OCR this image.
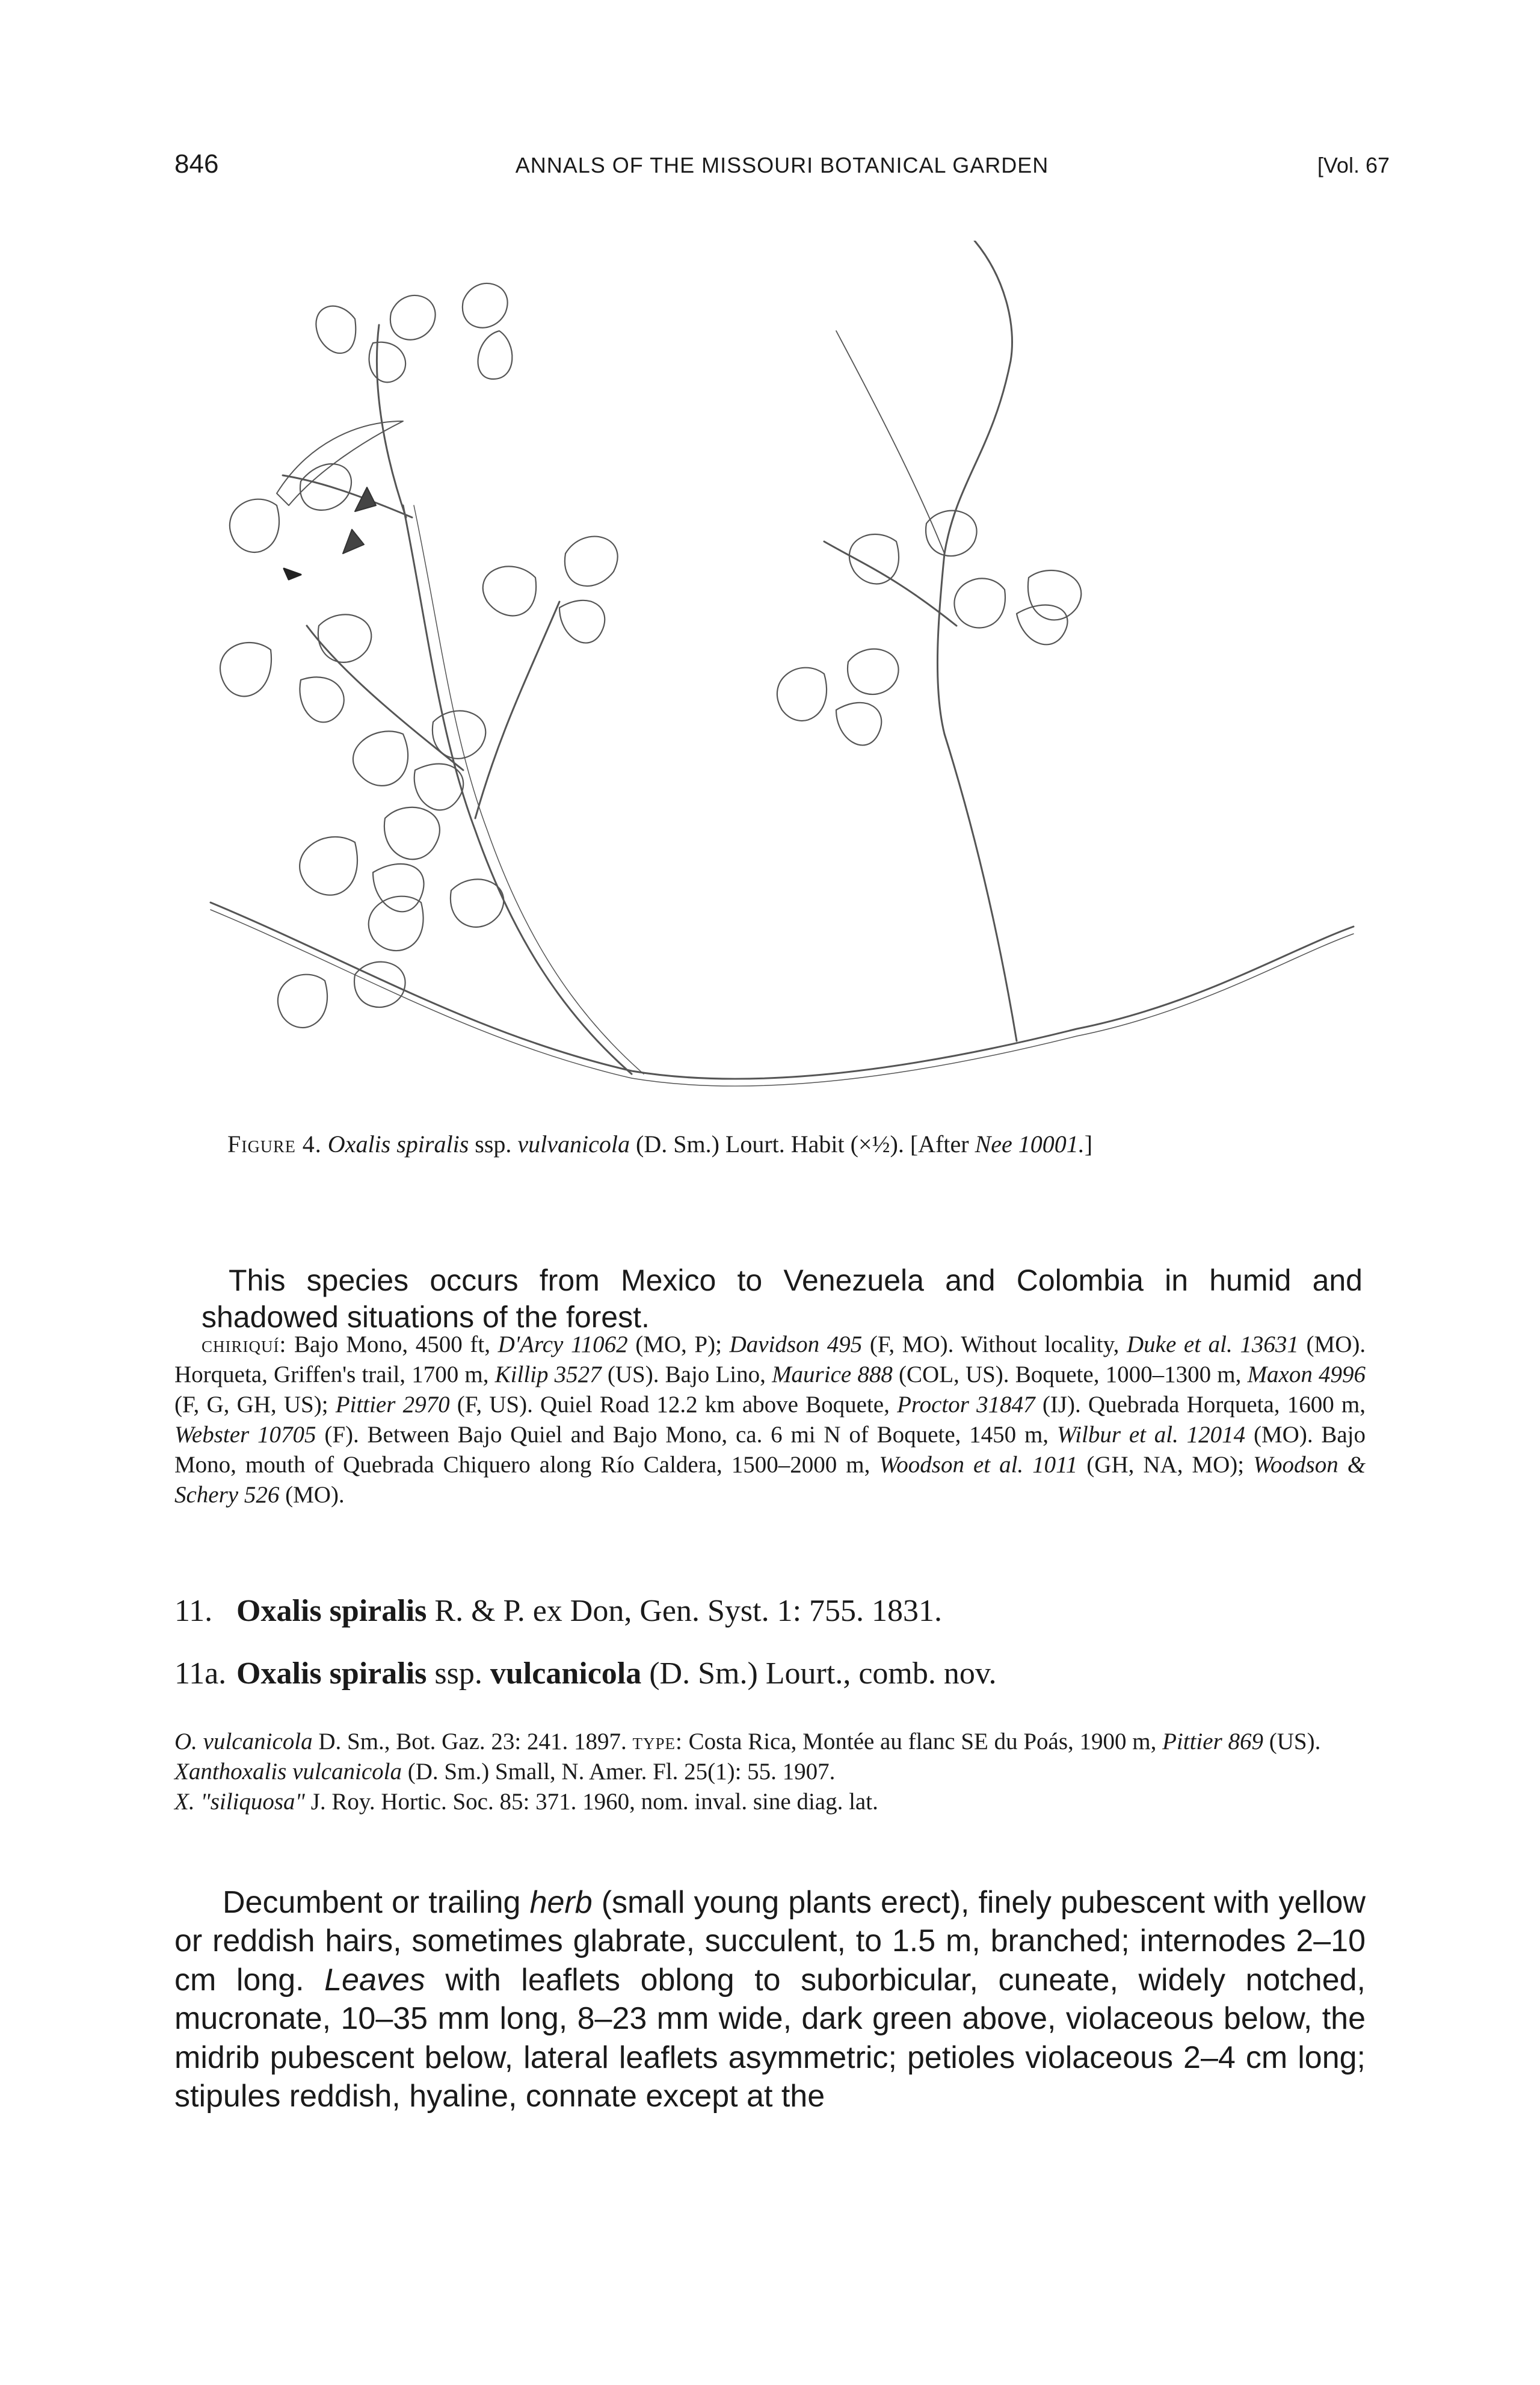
846	ANNALS OF THE MISSOURI BOTANICAL GARDEN	[Vol. 67
Figure 4. Oxalis spiralis ssp. vulvanicola (D. Sm.) Lourt. Habit (×½). [After Nee 10001.]

This species occurs from Mexico to Venezuela and Colombia in humid and shadowed situations of the forest.

chiriquí: Bajo Mono, 4500 ft, D'Arcy 11062 (MO, P); Davidson 495 (F, MO). Without locality, Duke et al. 13631 (MO). Horqueta, Griffen's trail, 1700 m, Killip 3527 (US). Bajo Lino, Maurice 888 (COL, US). Boquete, 1000–1300 m, Maxon 4996 (F, G, GH, US); Pittier 2970 (F, US). Quiel Road 12.2 km above Boquete, Proctor 31847 (IJ). Quebrada Horqueta, 1600 m, Webster 10705 (F). Between Bajo Quiel and Bajo Mono, ca. 6 mi N of Boquete, 1450 m, Wilbur et al. 12014 (MO). Bajo Mono, mouth of Quebrada Chiquero along Río Caldera, 1500–2000 m, Woodson et al. 1011 (GH, NA, MO); Woodson & Schery 526 (MO).
11. Oxalis spiralis R. & P. ex Don, Gen. Syst. 1: 755. 1831.
11a. Oxalis spiralis ssp. vulcanicola (D. Sm.) Lourt., comb. nov.
O. vulcanicola D. Sm., Bot. Gaz. 23: 241. 1897. type: Costa Rica, Montée au flanc SE du Poás, 1900 m, Pittier 869 (US).
Xanthoxalis vulcanicola (D. Sm.) Small, N. Amer. Fl. 25(1): 55. 1907.
X. "siliquosa" J. Roy. Hortic. Soc. 85: 371. 1960, nom. inval. sine diag. lat.

Decumbent or trailing herb (small young plants erect), finely pubescent with yellow or reddish hairs, sometimes glabrate, succulent, to 1.5 m, branched; internodes 2–10 cm long. Leaves with leaflets oblong to suborbicular, cuneate, widely notched, mucronate, 10–35 mm long, 8–23 mm wide, dark green above, violaceous below, the midrib pubescent below, lateral leaflets asymmetric; petioles violaceous 2–4 cm long; stipules reddish, hyaline, connate except at the
